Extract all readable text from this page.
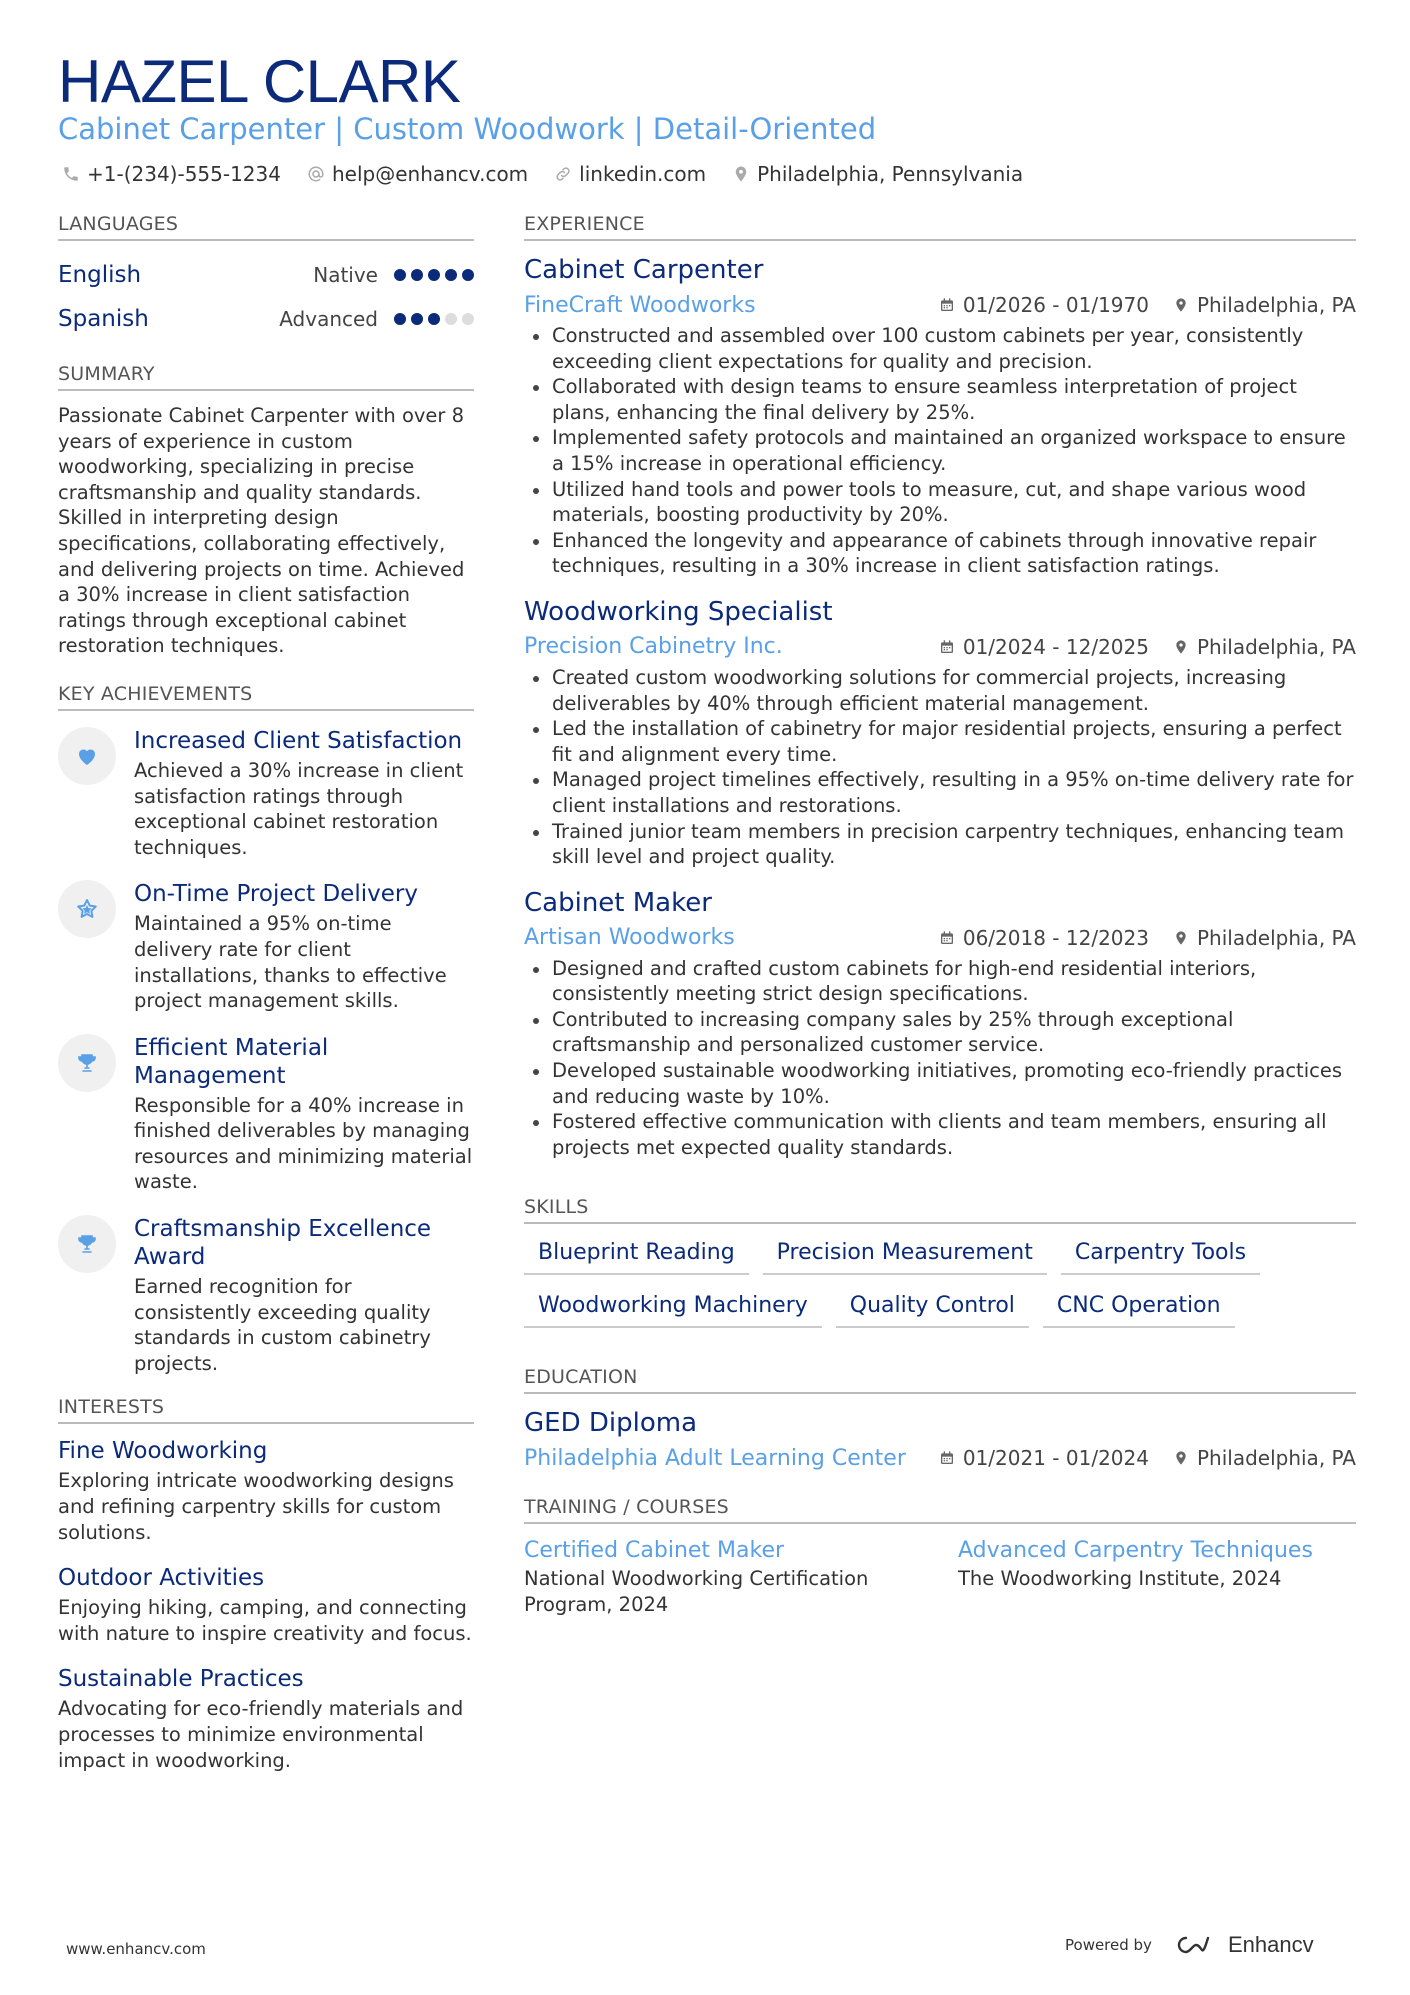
HAZEL CLARK
Cabinet Carpenter | Custom Woodwork | Detail-Oriented
+1-(234)-555-1234	help@enhancv.com	linkedin.com	Philadelphia, Pennsylvania
LANGUAGES
English	Native
Spanish	Advanced
SUMMARY
Passionate Cabinet Carpenter with over 8 years of experience in custom woodworking, specializing in precise craftsmanship and quality standards. Skilled in interpreting design specifications, collaborating effectively, and delivering projects on time. Achieved a 30% increase in client satisfaction ratings through exceptional cabinet restoration techniques.
KEY ACHIEVEMENTS
Increased Client Satisfaction
Achieved a 30% increase in client satisfaction ratings through exceptional cabinet restoration techniques.
On-Time Project Delivery
Maintained a 95% on-time delivery rate for client installations, thanks to effective project management skills.
Efficient Material Management
Responsible for a 40% increase in finished deliverables by managing resources and minimizing material waste.
Craftsmanship Excellence Award
Earned recognition for consistently exceeding quality standards in custom cabinetry projects.
INTERESTS
Fine Woodworking
Exploring intricate woodworking designs and refining carpentry skills for custom solutions.
Outdoor Activities
Enjoying hiking, camping, and connecting with nature to inspire creativity and focus.
Sustainable Practices
Advocating for eco-friendly materials and processes to minimize environmental impact in woodworking.
EXPERIENCE
Cabinet Carpenter
FineCraft Woodworks	01/2026 - 01/1970 Philadelphia, PA
Constructed and assembled over 100 custom cabinets per year, consistently exceeding client expectations for quality and precision.
Collaborated with design teams to ensure seamless interpretation of project plans, enhancing the final delivery by 25%.
Implemented safety protocols and maintained an organized workspace to ensure a 15% increase in operational efficiency.
Utilized hand tools and power tools to measure, cut, and shape various wood materials, boosting productivity by 20%.
Enhanced the longevity and appearance of cabinets through innovative repair techniques, resulting in a 30% increase in client satisfaction ratings.
Woodworking Specialist
Precision Cabinetry Inc.	01/2024 - 12/2025 Philadelphia, PA
Created custom woodworking solutions for commercial projects, increasing deliverables by 40% through efficient material management.
Led the installation of cabinetry for major residential projects, ensuring a perfect fit and alignment every time.
Managed project timelines effectively, resulting in a 95% on-time delivery rate for client installations and restorations.
Trained junior team members in precision carpentry techniques, enhancing team skill level and project quality.
Cabinet Maker
Artisan Woodworks	06/2018 - 12/2023 Philadelphia, PA
Designed and crafted custom cabinets for high-end residential interiors, consistently meeting strict design specifications.
Contributed to increasing company sales by 25% through exceptional craftsmanship and personalized customer service.
Developed sustainable woodworking initiatives, promoting eco-friendly practices and reducing waste by 10%.
Fostered effective communication with clients and team members, ensuring all projects met expected quality standards.
SKILLS
Blueprint Reading	Precision Measurement	Carpentry Tools
Woodworking Machinery	Quality Control	CNC Operation
EDUCATION
GED Diploma
Philadelphia Adult Learning Center	01/2021 - 01/2024 Philadelphia, PA
TRAINING / COURSES
Certified Cabinet Maker
National Woodworking Certification Program, 2024
Advanced Carpentry Techniques
The Woodworking Institute, 2024
www.enhancv.com	Powered by	Enhancv
